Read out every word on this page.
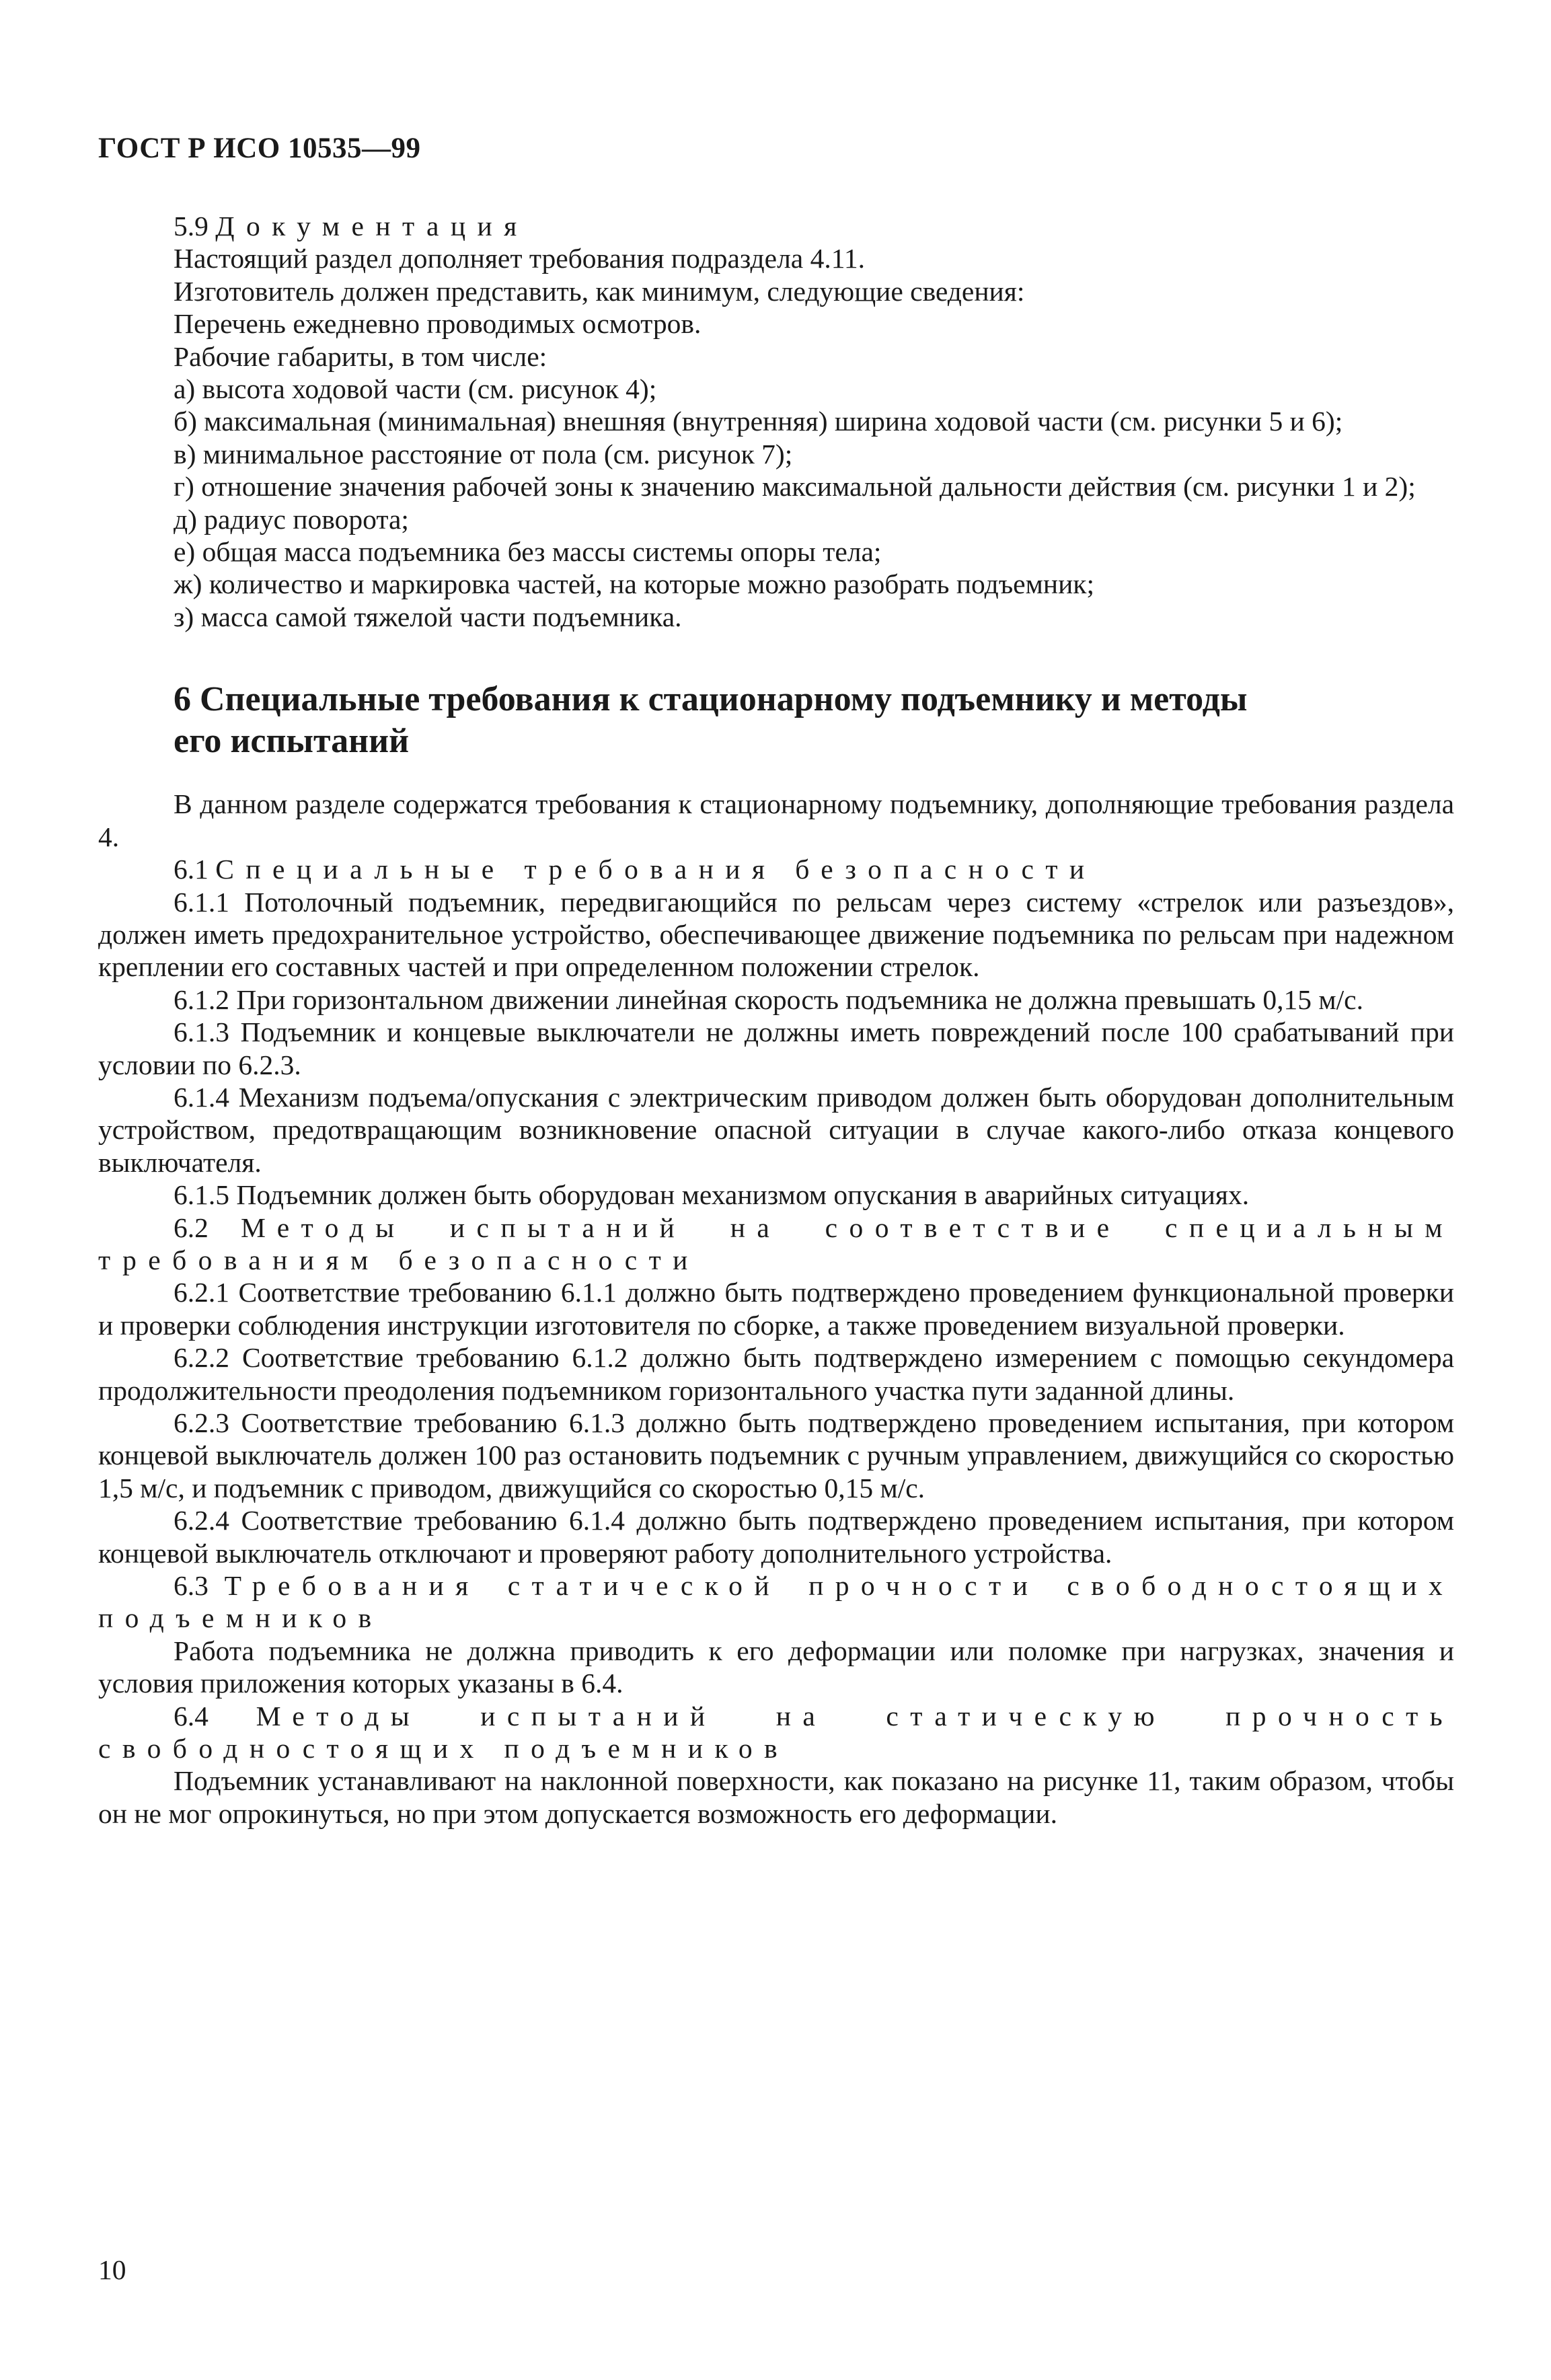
ГОСТ Р ИСО 10535—99

5.9 Документация

Настоящий раздел дополняет требования подраздела 4.11.

Изготовитель должен представить, как минимум, следующие сведения:

Перечень ежедневно проводимых осмотров.

Рабочие габариты, в том числе:

а) высота ходовой части (см. рисунок 4);

б) максимальная (минимальная) внешняя (внутренняя) ширина ходовой части (см. рисунки 5 и 6);

в) минимальное расстояние от пола (см. рисунок 7);

г) отношение значения рабочей зоны к значению максимальной дальности действия (см. рисунки 1 и 2);

д) радиус поворота;

е) общая масса подъемника без массы системы опоры тела;

ж) количество и маркировка частей, на которые можно разобрать подъемник;

з) масса самой тяжелой части подъемника.

6 Специальные требования к стационарному подъемнику и методы
его испытаний

В данном разделе содержатся требования к стационарному подъемнику, дополняющие требования раздела 4.

6.1 Специальные требования безопасности

6.1.1 Потолочный подъемник, передвигающийся по рельсам через систему «стрелок или разъездов», должен иметь предохранительное устройство, обеспечивающее движение подъемника по рельсам при надежном креплении его составных частей и при определенном положении стрелок.

6.1.2 При горизонтальном движении линейная скорость подъемника не должна превышать 0,15 м/с.

6.1.3 Подъемник и концевые выключатели не должны иметь повреждений после 100 срабатываний при условии по 6.2.3.

6.1.4 Механизм подъема/опускания с электрическим приводом должен быть оборудован дополнительным устройством, предотвращающим возникновение опасной ситуации в случае какого-либо отказа концевого выключателя.

6.1.5 Подъемник должен быть оборудован механизмом опускания в аварийных ситуациях.

6.2 Методы испытаний на соответствие специальным требованиям безопасности

6.2.1 Соответствие требованию 6.1.1 должно быть подтверждено проведением функциональной проверки и проверки соблюдения инструкции изготовителя по сборке, а также проведением визуальной проверки.

6.2.2 Соответствие требованию 6.1.2 должно быть подтверждено измерением с помощью секундомера продолжительности преодоления подъемником горизонтального участка пути заданной длины.

6.2.3 Соответствие требованию 6.1.3 должно быть подтверждено проведением испытания, при котором концевой выключатель должен 100 раз остановить подъемник с ручным управлением, движущийся со скоростью 1,5 м/с, и подъемник с приводом, движущийся со скоростью 0,15 м/с.

6.2.4 Соответствие требованию 6.1.4 должно быть подтверждено проведением испытания, при котором концевой выключатель отключают и проверяют работу дополнительного устройства.

6.3 Требования статической прочности свободностоящих подъемников

Работа подъемника не должна приводить к его деформации или поломке при нагрузках, значения и условия приложения которых указаны в 6.4.

6.4 Методы испытаний на статическую прочность свободностоящих подъемников

Подъемник устанавливают на наклонной поверхности, как показано на рисунке 11, таким образом, чтобы он не мог опрокинуться, но при этом допускается возможность его деформации.

10
